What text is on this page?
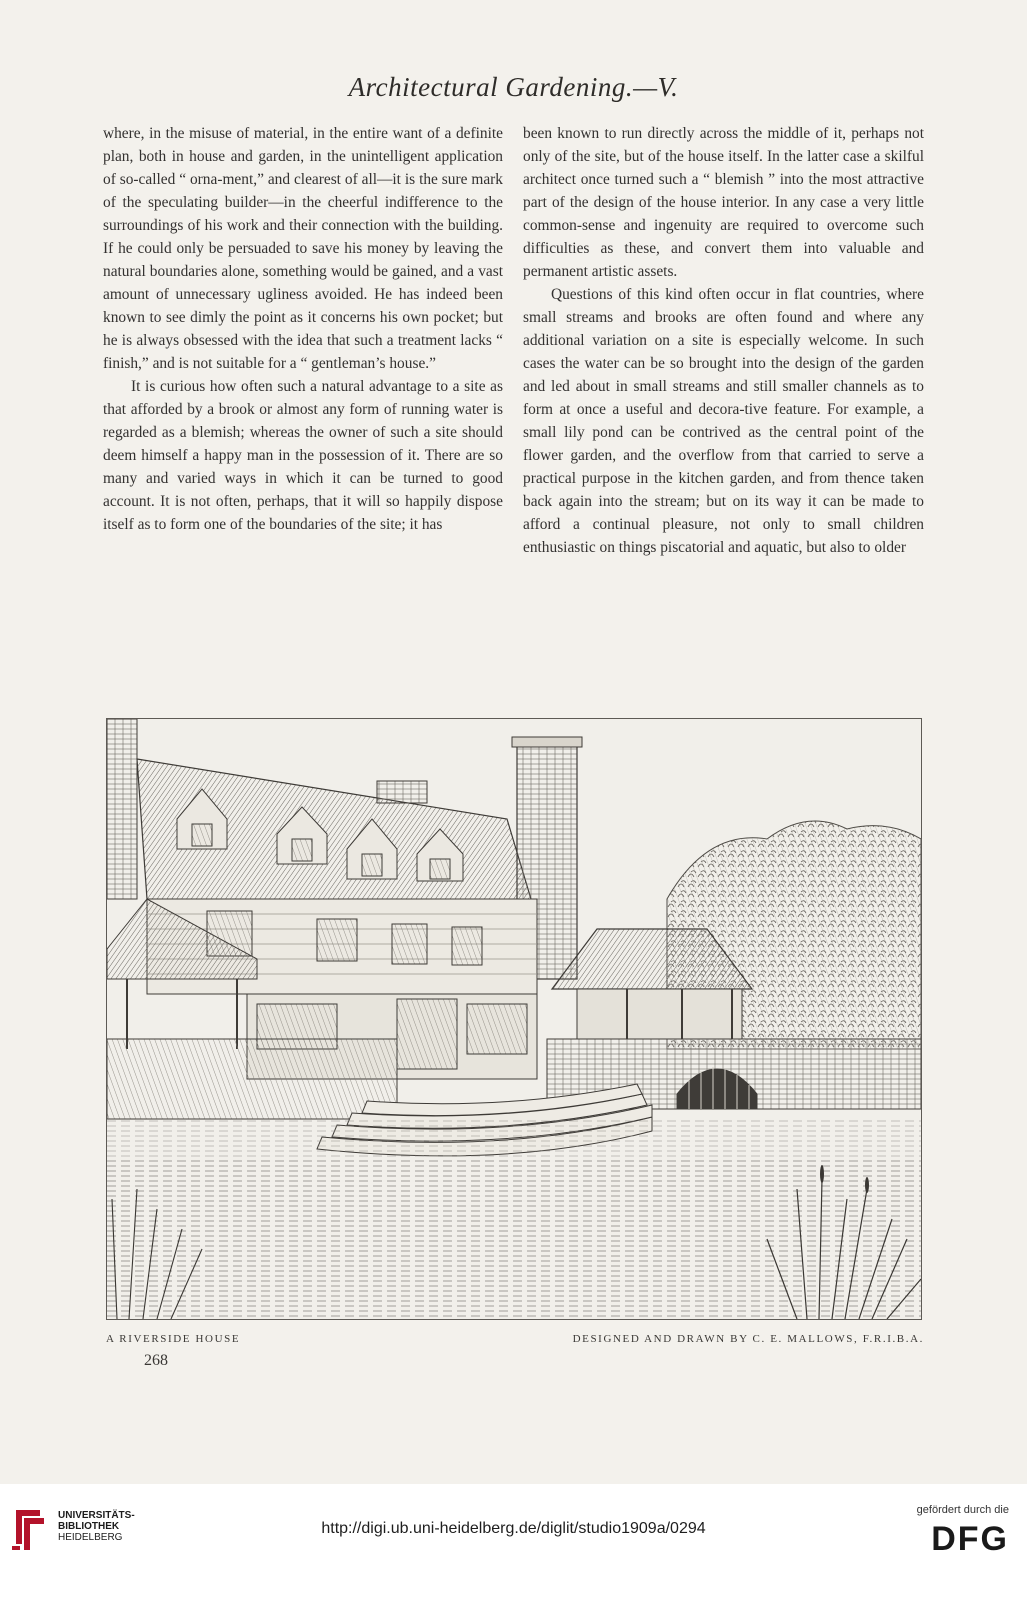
Architectural Gardening.—V.

where, in the misuse of material, in the entire want of a definite plan, both in house and garden, in the unintelligent application of so-called “ orna-ment,” and clearest of all—it is the sure mark of the speculating builder—in the cheerful indifference to the surroundings of his work and their connection with the building. If he could only be persuaded to save his money by leaving the natural boundaries alone, something would be gained, and a vast amount of unnecessary ugliness avoided. He has indeed been known to see dimly the point as it concerns his own pocket; but he is always obsessed with the idea that such a treatment lacks “ finish,” and is not suitable for a “ gentleman’s house.”

It is curious how often such a natural advantage to a site as that afforded by a brook or almost any form of running water is regarded as a blemish; whereas the owner of such a site should deem himself a happy man in the possession of it. There are so many and varied ways in which it can be turned to good account. It is not often, perhaps, that it will so happily dispose itself as to form one of the boundaries of the site; it has

been known to run directly across the middle of it, perhaps not only of the site, but of the house itself. In the latter case a skilful architect once turned such a “ blemish ” into the most attractive part of the design of the house interior. In any case a very little common-sense and ingenuity are required to overcome such difficulties as these, and convert them into valuable and permanent artistic assets.

Questions of this kind often occur in flat countries, where small streams and brooks are often found and where any additional variation on a site is especially welcome. In such cases the water can be so brought into the design of the garden and led about in small streams and still smaller channels as to form at once a useful and decora-tive feature. For example, a small lily pond can be contrived as the central point of the flower garden, and the overflow from that carried to serve a practical purpose in the kitchen garden, and from thence taken back again into the stream; but on its way it can be made to afford a continual pleasure, not only to small children enthusiastic on things piscatorial and aquatic, but also to older

A RIVERSIDE HOUSE	DESIGNED AND DRAWN BY C. E. MALLOWS, F.R.I.B.A.
268
UNIVERSITÄTS-
BIBLIOTHEK
HEIDELBERG
http://digi.ub.uni-heidelberg.de/diglit/studio1909a/0294
gefördert durch die
DFG
